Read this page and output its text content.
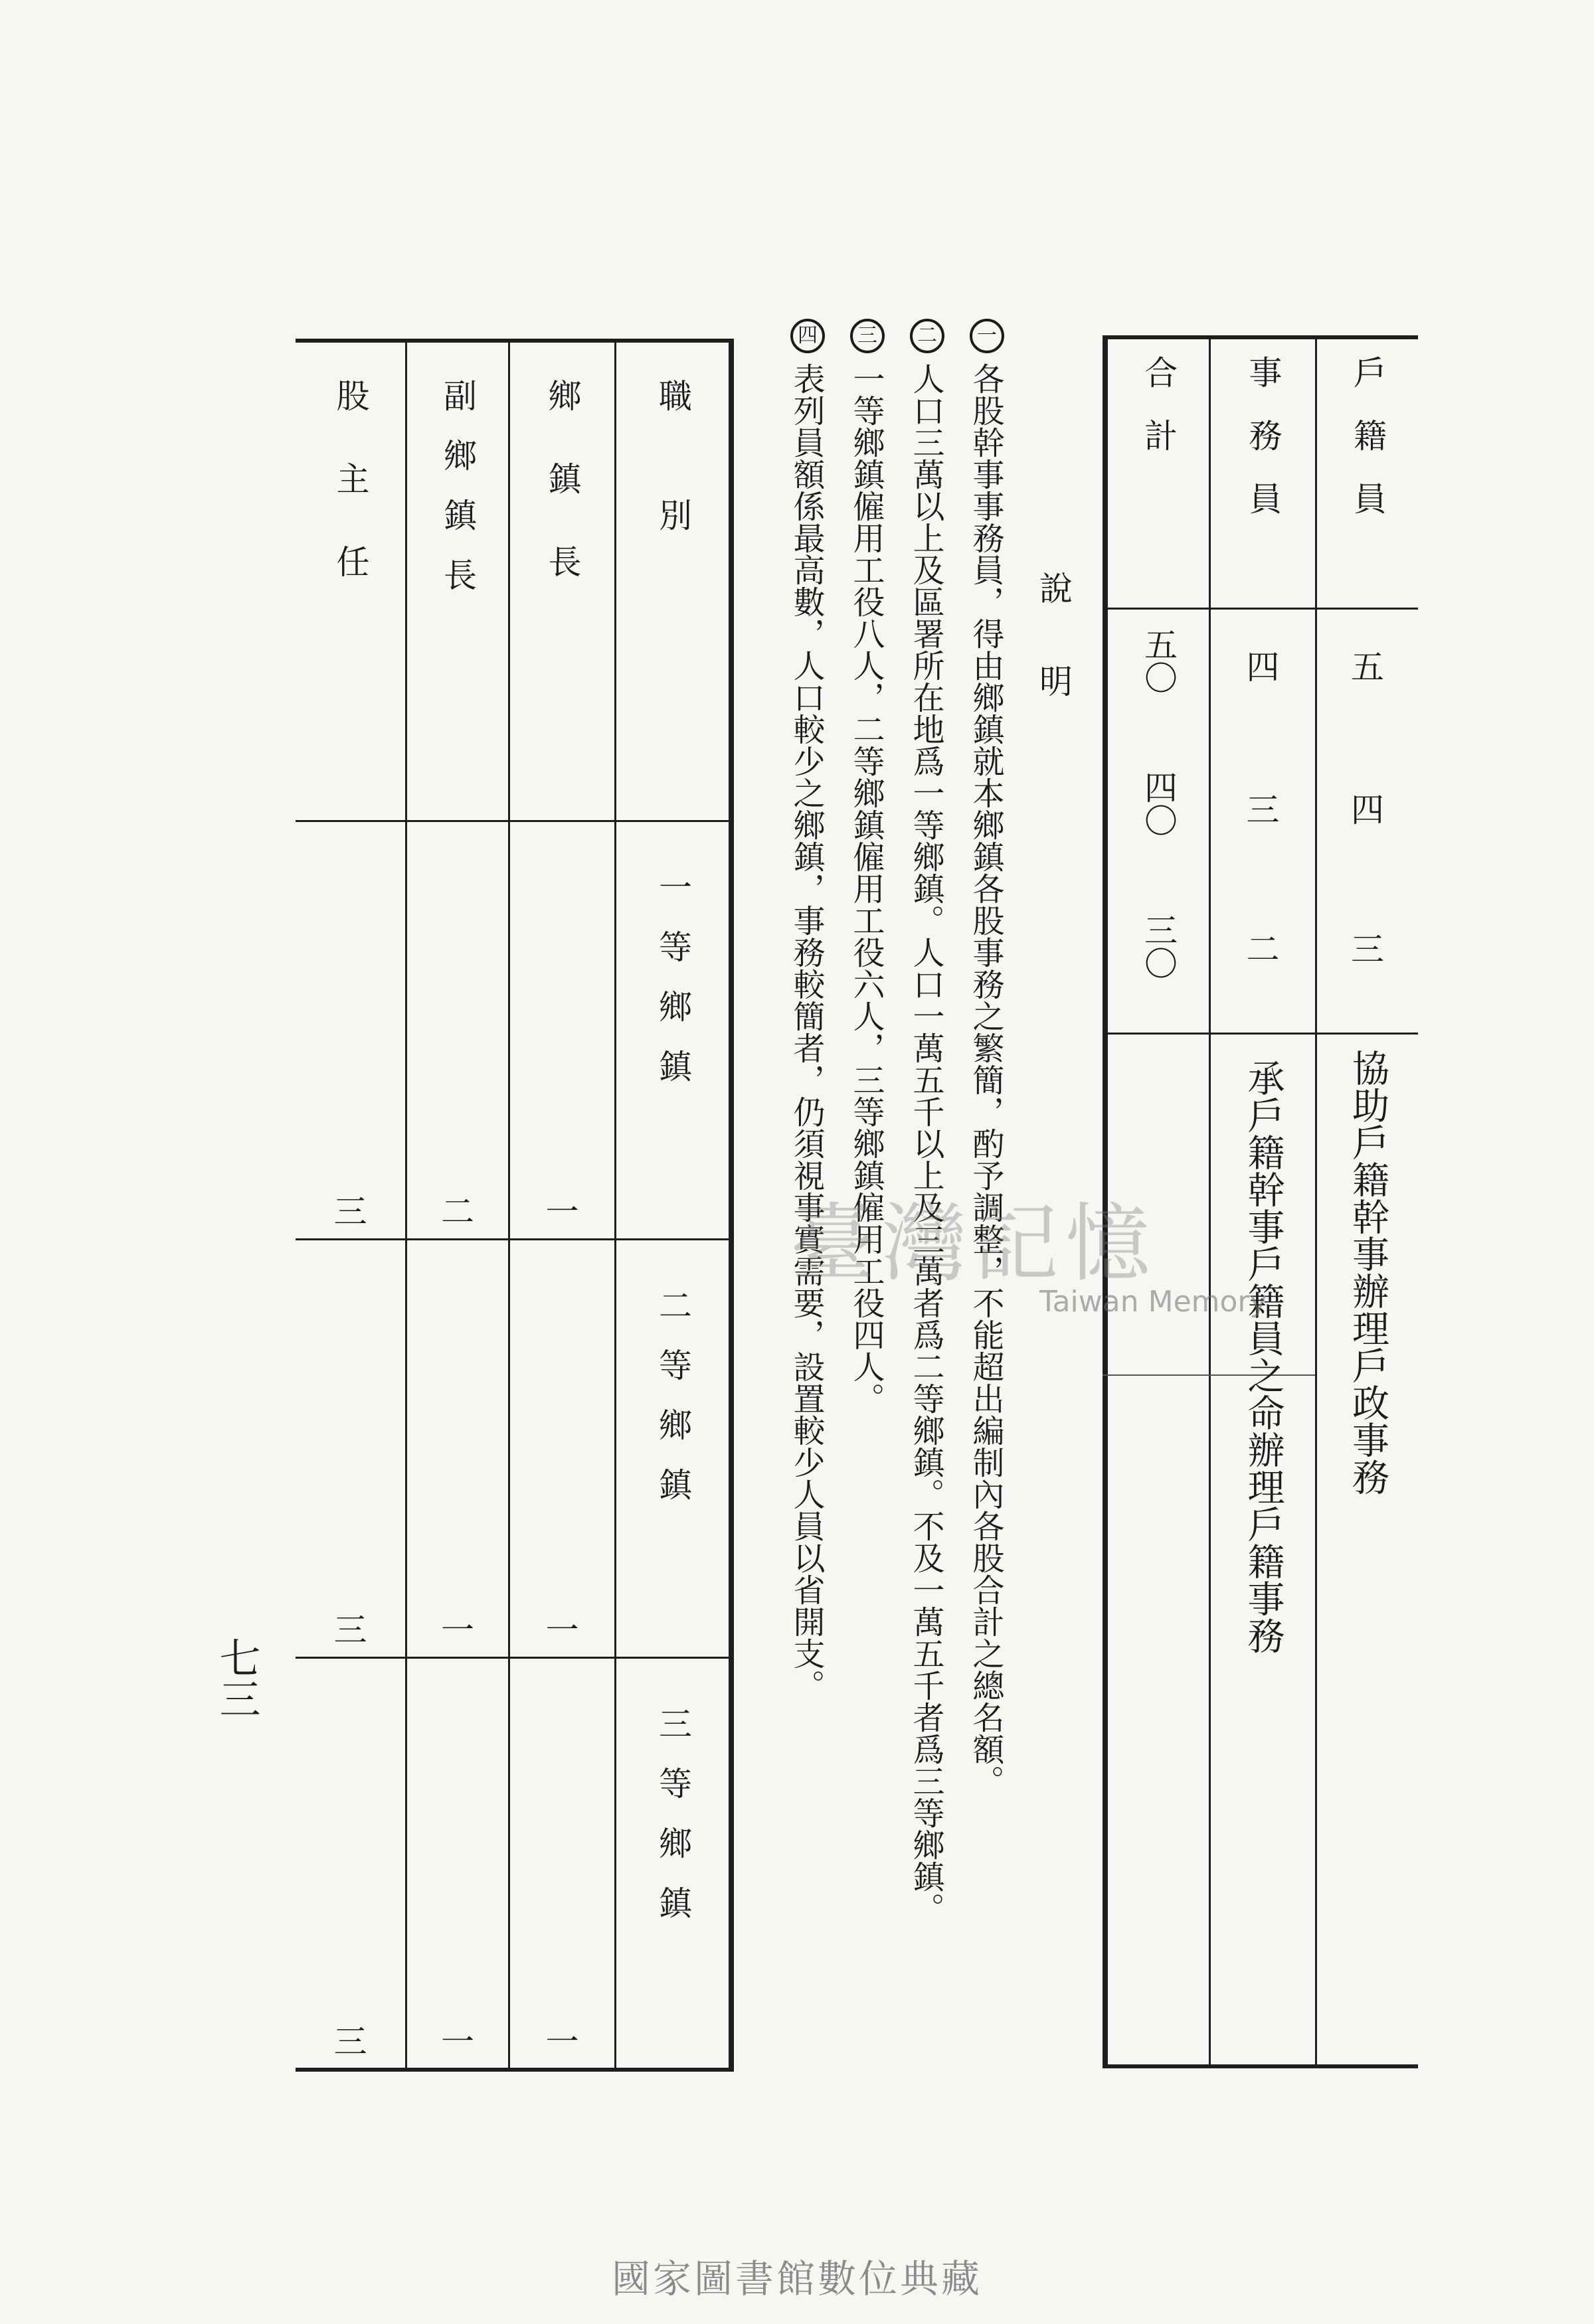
戶籍員
五
四
三
協助戶籍幹事辦理戶政事務
事務員
四
三
二
承戶籍幹事戶籍員之命辦理戶籍事務
合計
五〇
四〇
三〇
說明
一
各股幹事事務員，得由鄉鎮就本鄉鎮各股事務之繁簡，酌予調整，不能超出編制內各股合計之總名額。
二
人口三萬以上及區署所在地爲一等鄉鎮。人口一萬五千以上及三萬者爲二等鄉鎮。不及一萬五千者爲三等鄉鎮。
三
一等鄉鎮僱用工役八人，二等鄉鎮僱用工役六人，三等鄉鎮僱用工役四人。
四
表列員額係最高數，人口較少之鄉鎮，事務較簡者，仍須視事實需要，設置較少人員以省開支。
臺灣記憶
Taiwan Memory
職別
一等鄉鎮
二等鄉鎮
三等鄉鎮
鄉鎮長
一
一
一
副鄉鎮長
二
一
一
股主任
三
三
三
七三
國家圖書館數位典藏
